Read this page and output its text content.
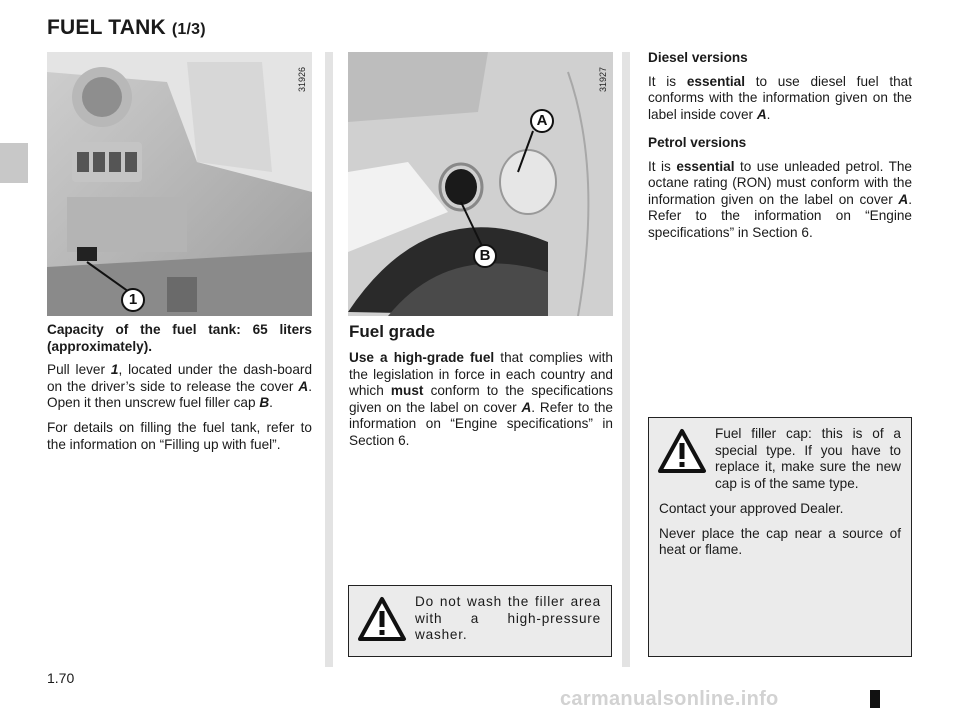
FUEL TANK (1/3)
1
31926
A
B
31927

Capacity of the fuel tank: 65 liters (approximately).

Pull lever 1, located under the dash-board on the driver’s side to release the cover A. Open it then unscrew fuel filler cap B.

For details on filling the fuel tank, refer to the information on “Filling up with fuel”.

Fuel grade

Use a high-grade fuel that complies with the legislation in force in each country and which must conform to the specifications given on the label on cover A. Refer to the information on “Engine specifications” in Section 6.

Do not wash the filler area with a high-pressure washer.

Diesel versions

It is essential to use diesel fuel that conforms with the information given on the label inside cover A.

Petrol versions

It is essential to use unleaded petrol. The octane rating (RON) must conform with the information given on the label on cover A. Refer to the information on “Engine specifications” in Section 6.

Fuel filler cap: this is of a special type. If you have to replace it, make sure the new cap is of the same type.

Contact your approved Dealer.

Never place the cap near a source of heat or flame.

1.70
carmanualsonline.info
